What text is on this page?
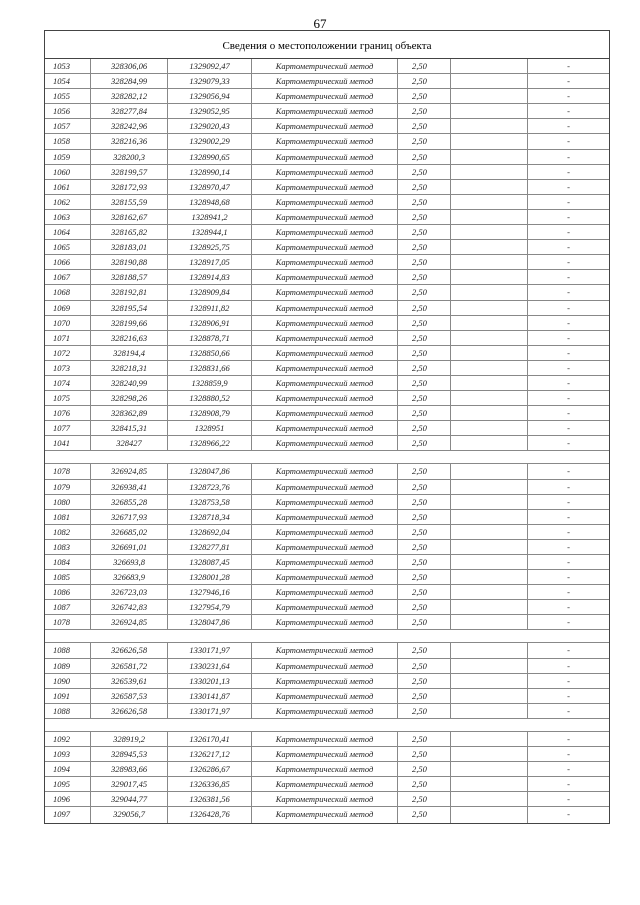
67
Сведения о местоположении границ объекта
1053	328306,06	1329092,47	Картометрический метод	2,50	-
1054	328284,99	1329079,33	Картометрический метод	2,50	-
1055	328282,12	1329056,94	Картометрический метод	2,50	-
1056	328277,84	1329052,95	Картометрический метод	2,50	-
1057	328242,96	1329020,43	Картометрический метод	2,50	-
1058	328216,36	1329002,29	Картометрический метод	2,50	-
1059	328200,3	1328990,65	Картометрический метод	2,50	-
1060	328199,57	1328990,14	Картометрический метод	2,50	-
1061	328172,93	1328970,47	Картометрический метод	2,50	-
1062	328155,59	1328948,68	Картометрический метод	2,50	-
1063	328162,67	1328941,2	Картометрический метод	2,50	-
1064	328165,82	1328944,1	Картометрический метод	2,50	-
1065	328183,01	1328925,75	Картометрический метод	2,50	-
1066	328190,88	1328917,05	Картометрический метод	2,50	-
1067	328188,57	1328914,83	Картометрический метод	2,50	-
1068	328192,81	1328909,84	Картометрический метод	2,50	-
1069	328195,54	1328911,82	Картометрический метод	2,50	-
1070	328199,66	1328906,91	Картометрический метод	2,50	-
1071	328216,63	1328878,71	Картометрический метод	2,50	-
1072	328194,4	1328850,66	Картометрический метод	2,50	-
1073	328218,31	1328831,66	Картометрический метод	2,50	-
1074	328240,99	1328859,9	Картометрический метод	2,50	-
1075	328298,26	1328880,52	Картометрический метод	2,50	-
1076	328362,89	1328908,79	Картометрический метод	2,50	-
1077	328415,31	1328951	Картометрический метод	2,50	-
1041	328427	1328966,22	Картометрический метод	2,50	-
1078	326924,85	1328047,86	Картометрический метод	2,50	-
1079	326938,41	1328723,76	Картометрический метод	2,50	-
1080	326855,28	1328753,58	Картометрический метод	2,50	-
1081	326717,93	1328718,34	Картометрический метод	2,50	-
1082	326685,02	1328692,04	Картометрический метод	2,50	-
1083	326691,01	1328277,81	Картометрический метод	2,50	-
1084	326693,8	1328087,45	Картометрический метод	2,50	-
1085	326683,9	1328001,28	Картометрический метод	2,50	-
1086	326723,03	1327946,16	Картометрический метод	2,50	-
1087	326742,83	1327954,79	Картометрический метод	2,50	-
1078	326924,85	1328047,86	Картометрический метод	2,50	-
1088	326626,58	1330171,97	Картометрический метод	2,50	-
1089	326581,72	1330231,64	Картометрический метод	2,50	-
1090	326539,61	1330201,13	Картометрический метод	2,50	-
1091	326587,53	1330141,87	Картометрический метод	2,50	-
1088	326626,58	1330171,97	Картометрический метод	2,50	-
1092	328919,2	1326170,41	Картометрический метод	2,50	-
1093	328945,53	1326217,12	Картометрический метод	2,50	-
1094	328983,66	1326286,67	Картометрический метод	2,50	-
1095	329017,45	1326336,85	Картометрический метод	2,50	-
1096	329044,77	1326381,56	Картометрический метод	2,50	-
1097	329056,7	1326428,76	Картометрический метод	2,50	-
